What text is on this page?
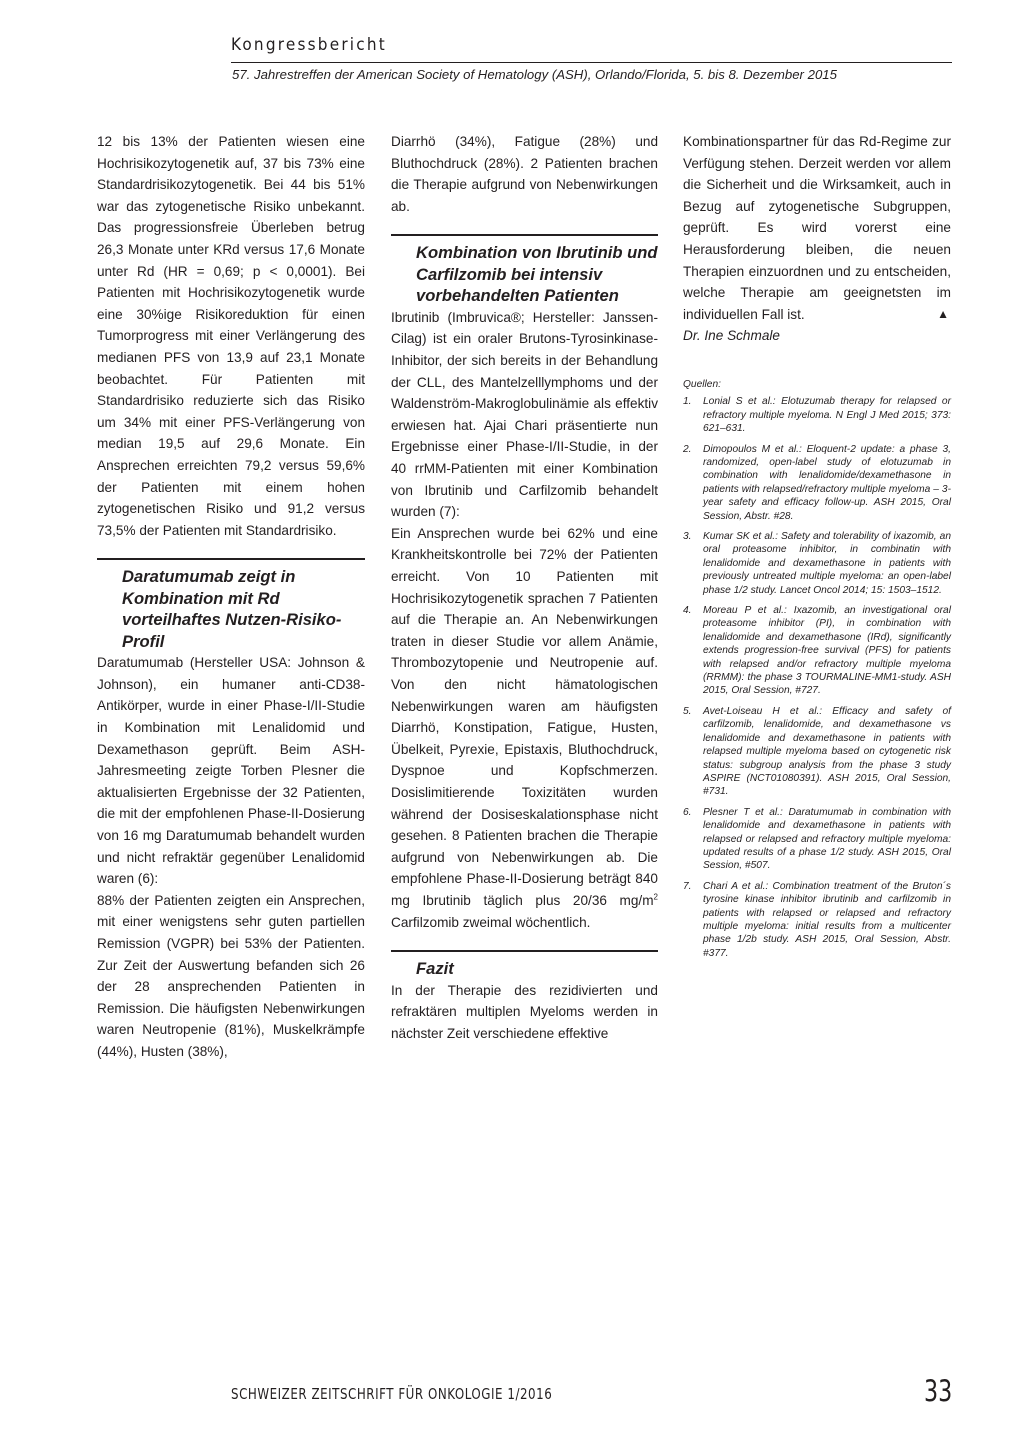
Kongressbericht
57. Jahrestreffen der American Society of Hematology (ASH), Orlando/Florida, 5. bis 8. Dezember 2015

12 bis 13% der Patienten wiesen eine Hochrisikozytogenetik auf, 37 bis 73% eine Standardrisikozytogenetik. Bei 44 bis 51% war das zytogenetische Risiko unbekannt. Das progressionsfreie Überleben betrug 26,3 Monate unter KRd versus 17,6 Monate unter Rd (HR = 0,69; p < 0,0001). Bei Patienten mit Hochrisikozytogenetik wurde eine 30%ige Risikoreduktion für einen Tumorprogress mit einer Verlängerung des medianen PFS von 13,9 auf 23,1 Monate beobachtet. Für Patienten mit Standardrisiko reduzierte sich das Risiko um 34% mit einer PFS-Verlängerung von median 19,5 auf 29,6 Monate. Ein Ansprechen erreichten 79,2 versus 59,6% der Patienten mit einem hohen zytogenetischen Risiko und 91,2 versus 73,5% der Patienten mit Standardrisiko.

Daratumumab zeigt in Kombination mit Rd vorteilhaftes Nutzen-Risiko-Profil

Daratumumab (Hersteller USA: Johnson & Johnson), ein humaner anti-CD38-Antikörper, wurde in einer Phase-I/II-Studie in Kombination mit Lenalidomid und Dexamethason geprüft. Beim ASH-Jahresmeeting zeigte Torben Plesner die aktualisierten Ergebnisse der 32 Patienten, die mit der empfohlenen Phase-II-Dosierung von 16 mg Daratumumab behandelt wurden und nicht refraktär gegenüber Lenalidomid waren (6):

88% der Patienten zeigten ein Ansprechen, mit einer wenigstens sehr guten partiellen Remission (VGPR) bei 53% der Patienten. Zur Zeit der Auswertung befanden sich 26 der 28 ansprechenden Patienten in Remission. Die häufigsten Nebenwirkungen waren Neutropenie (81%), Muskelkrämpfe (44%), Husten (38%),

Diarrhö (34%), Fatigue (28%) und Bluthochdruck (28%). 2 Patienten brachen die Therapie aufgrund von Nebenwirkungen ab.

Kombination von Ibrutinib und Carfilzomib bei intensiv vorbehandelten Patienten

Ibrutinib (Imbruvica®; Hersteller: Janssen-Cilag) ist ein oraler Brutons-Tyrosinkinase-Inhibitor, der sich bereits in der Behandlung der CLL, des Mantelzelllymphoms und der Waldenström-Makroglobulinämie als effektiv erwiesen hat. Ajai Chari präsentierte nun Ergebnisse einer Phase-I/II-Studie, in der 40 rrMM-Patienten mit einer Kombination von Ibrutinib und Carfilzomib behandelt wurden (7):

Ein Ansprechen wurde bei 62% und eine Krankheitskontrolle bei 72% der Patienten erreicht. Von 10 Patienten mit Hochrisikozytogenetik sprachen 7 Patienten auf die Therapie an. An Nebenwirkungen traten in dieser Studie vor allem Anämie, Thrombozytopenie und Neutropenie auf. Von den nicht hämatologischen Nebenwirkungen waren am häufigsten Diarrhö, Konstipation, Fatigue, Husten, Übelkeit, Pyrexie, Epistaxis, Bluthochdruck, Dyspnoe und Kopfschmerzen. Dosislimitierende Toxizitäten wurden während der Dosiseskalationsphase nicht gesehen. 8 Patienten brachen die Therapie aufgrund von Nebenwirkungen ab. Die empfohlene Phase-II-Dosierung beträgt 840 mg Ibrutinib täglich plus 20/36 $mg/m^2$ Carfilzomib zweimal wöchentlich.

Fazit

In der Therapie des rezidivierten und refraktären multiplen Myeloms werden in nächster Zeit verschiedene effektive

Kombinationspartner für das Rd-Regime zur Verfügung stehen. Derzeit werden vor allem die Sicherheit und die Wirksamkeit, auch in Bezug auf zytogenetische Subgruppen, geprüft. Es wird vorerst eine Herausforderung bleiben, die neuen Therapien einzuordnen und zu entscheiden, welche Therapie am geeignetsten im individuellen Fall ist.	▲

Dr. Ine Schmale

Quellen:
1. Lonial S et al.: Elotuzumab therapy for relapsed or refractory multiple myeloma. N Engl J Med 2015; 373: 621–631.
2. Dimopoulos M et al.: Eloquent-2 update: a phase 3, randomized, open-label study of elotuzumab in combination with lenalidomide/dexamethasone in patients with relapsed/refractory multiple myeloma – 3-year safety and efficacy follow-up. ASH 2015, Oral Session, Abstr. #28.
3. Kumar SK et al.: Safety and tolerability of ixazomib, an oral proteasome inhibitor, in combinatin with lenalidomide and dexamethasone in patients with previously untreated multiple myeloma: an open-label phase 1/2 study. Lancet Oncol 2014; 15: 1503–1512.
4. Moreau P et al.: Ixazomib, an investigational oral proteasome inhibitor (PI), in combination with lenalidomide and dexamethasone (IRd), significantly extends progression-free survival (PFS) for patients with relapsed and/or refractory multiple myeloma (RRMM): the phase 3 TOURMALINE-MM1-study. ASH 2015, Oral Session, #727.
5. Avet-Loiseau H et al.: Efficacy and safety of carfilzomib, lenalidomide, and dexamethasone vs lenalidomide and dexamethasone in patients with relapsed multiple myeloma based on cytogenetic risk status: subgroup analysis from the phase 3 study ASPIRE (NCT01080391). ASH 2015, Oral Session, #731.
6. Plesner T et al.: Daratumumab in combination with lenalidomide and dexamethasone in patients with relapsed or relapsed and refractory multiple myeloma: updated results of a phase 1/2 study. ASH 2015, Oral Session, #507.
7. Chari A et al.: Combination treatment of the Bruton´s tyrosine kinase inhibitor ibrutinib and carfilzomib in patients with relapsed or relapsed and refractory multiple myeloma: initial results from a multicenter phase 1/2b study. ASH 2015, Oral Session, Abstr. #377.
SCHWEIZER ZEITSCHRIFT FÜR ONKOLOGIE 1/2016	33
